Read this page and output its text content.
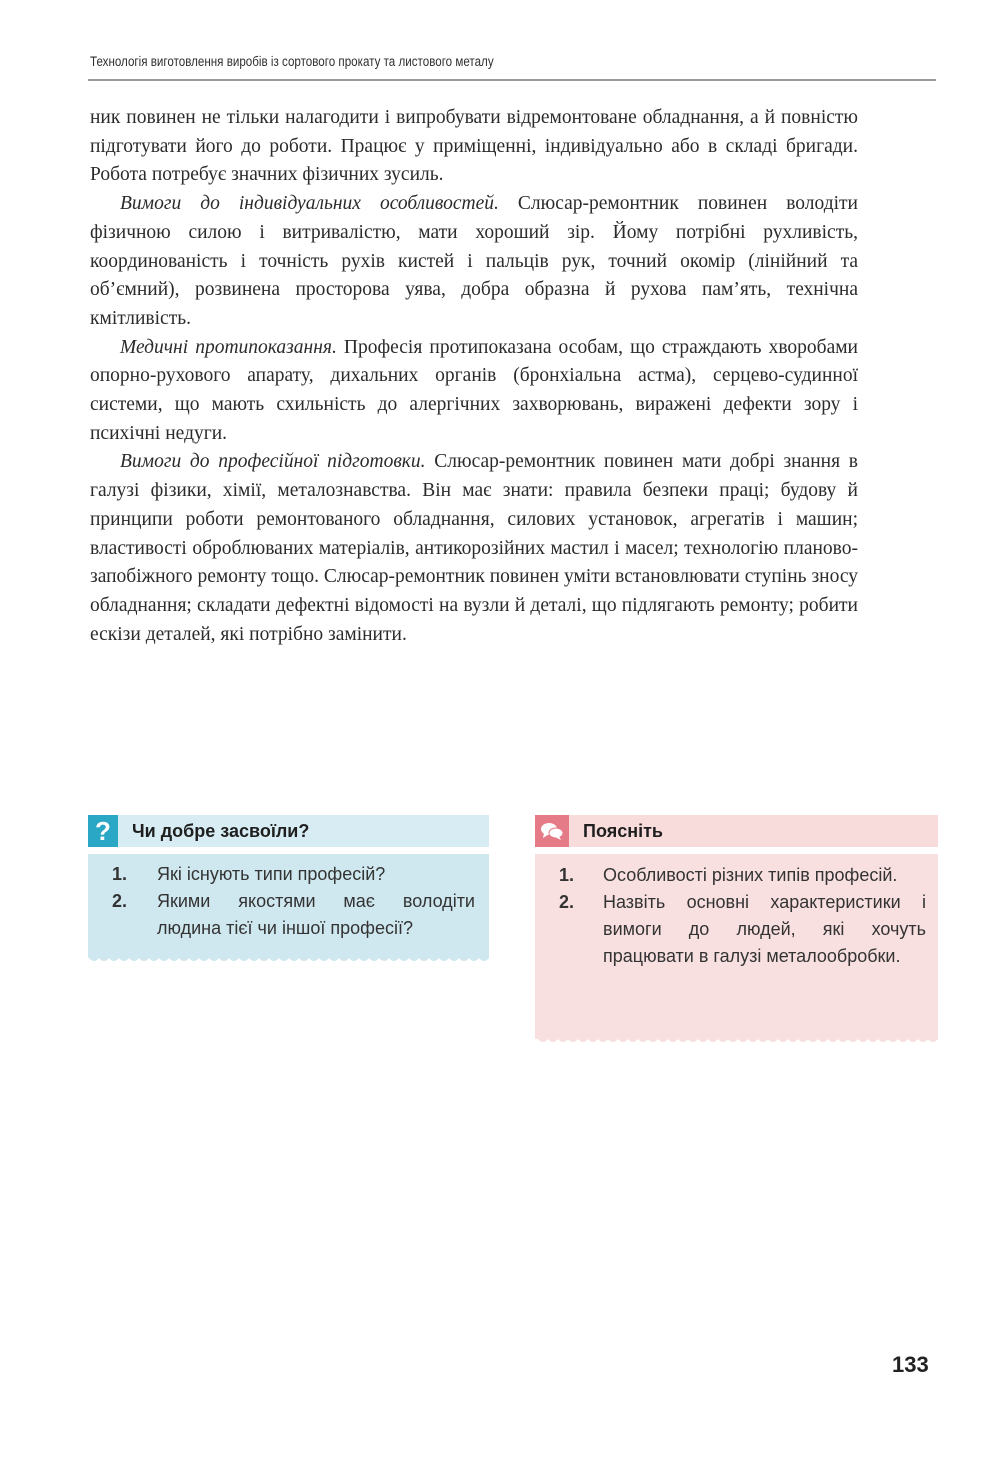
Технологія виготовлення виробів із сортового прокату та листового металу

ник повинен не тільки налагодити і випробувати відремонтоване обладнання, а й повністю підготувати його до роботи. Працює у приміщенні, індивідуально або в складі бригади. Робота потребує значних фізичних зусиль.

Вимоги до індивідуальних особливостей. Слюсар-ремонтник повинен володіти фізичною силою і витривалістю, мати хороший зір. Йому потрібні рухливість, координованість і точність рухів кистей і пальців рук, точний окомір (лінійний та об’ємний), розвинена просторова уява, добра образна й рухова пам’ять, технічна кмітливість.

Медичні протипоказання. Професія протипоказана особам, що страждають хворобами опорно-рухового апарату, дихальних органів (бронхіальна астма), серцево-судинної системи, що мають схильність до алергічних захворювань, виражені дефекти зору і психічні недуги.

Вимоги до професійної підготовки. Слюсар-ремонтник повинен мати добрі знання в галузі фізики, хімії, металознавства. Він має знати: правила безпеки праці; будову й принципи роботи ремонтованого обладнання, силових установок, агрегатів і машин; властивості оброблюваних матеріалів, антикорозійних мастил і масел; технологію планово-запобіжного ремонту тощо. Слюсар-ремонтник повинен уміти встановлювати ступінь зносу обладнання; складати дефектні відомості на вузли й деталі, що підлягають ремонту; робити ескізи деталей, які потрібно замінити.

?	Чи добре засвоїли?
1.	Які існують типи професій?
2.	Якими якостями має володіти людина тієї чи іншої професії?
Поясніть
1.	Особливості різних типів професій.
2.	Назвіть основні характеристики і вимоги до людей, які хочуть працювати в галузі металообробки.
133
